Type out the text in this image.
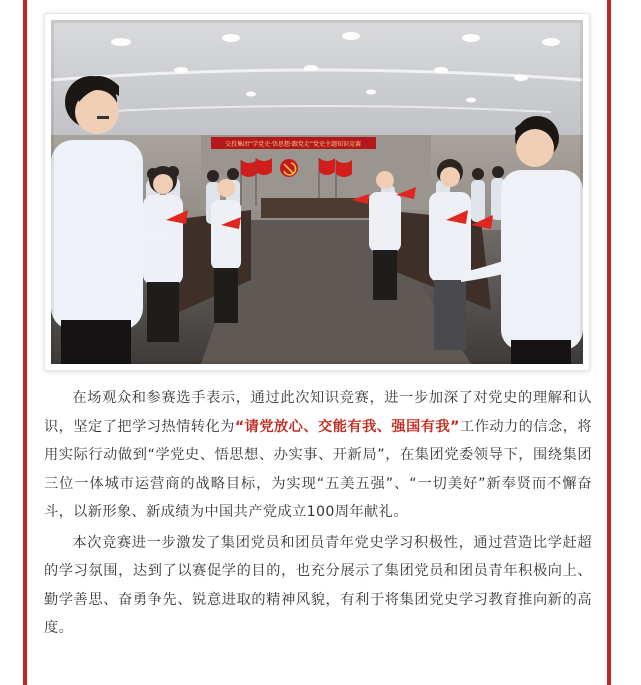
交投集团“学党史·悟思想·跟党走”党史主题知识竞赛

在场观众和参赛选手表示，通过此次知识竞赛，进一步加深了对党史的理解和认识，坚定了把学习热情转化为“请党放心、交能有我、强国有我”工作动力的信念，将用实际行动做到“学党史、悟思想、办实事、开新局”，在集团党委领导下，围绕集团三位一体城市运营商的战略目标，为实现“五美五强”、“一切美好”新奉贤而不懈奋斗，以新形象、新成绩为中国共产党成立100周年献礼。

本次竞赛进一步激发了集团党员和团员青年党史学习积极性，通过营造比学赶超的学习氛围，达到了以赛促学的目的，也充分展示了集团党员和团员青年积极向上、勤学善思、奋勇争先、锐意进取的精神风貌，有利于将集团党史学习教育推向新的高度。
